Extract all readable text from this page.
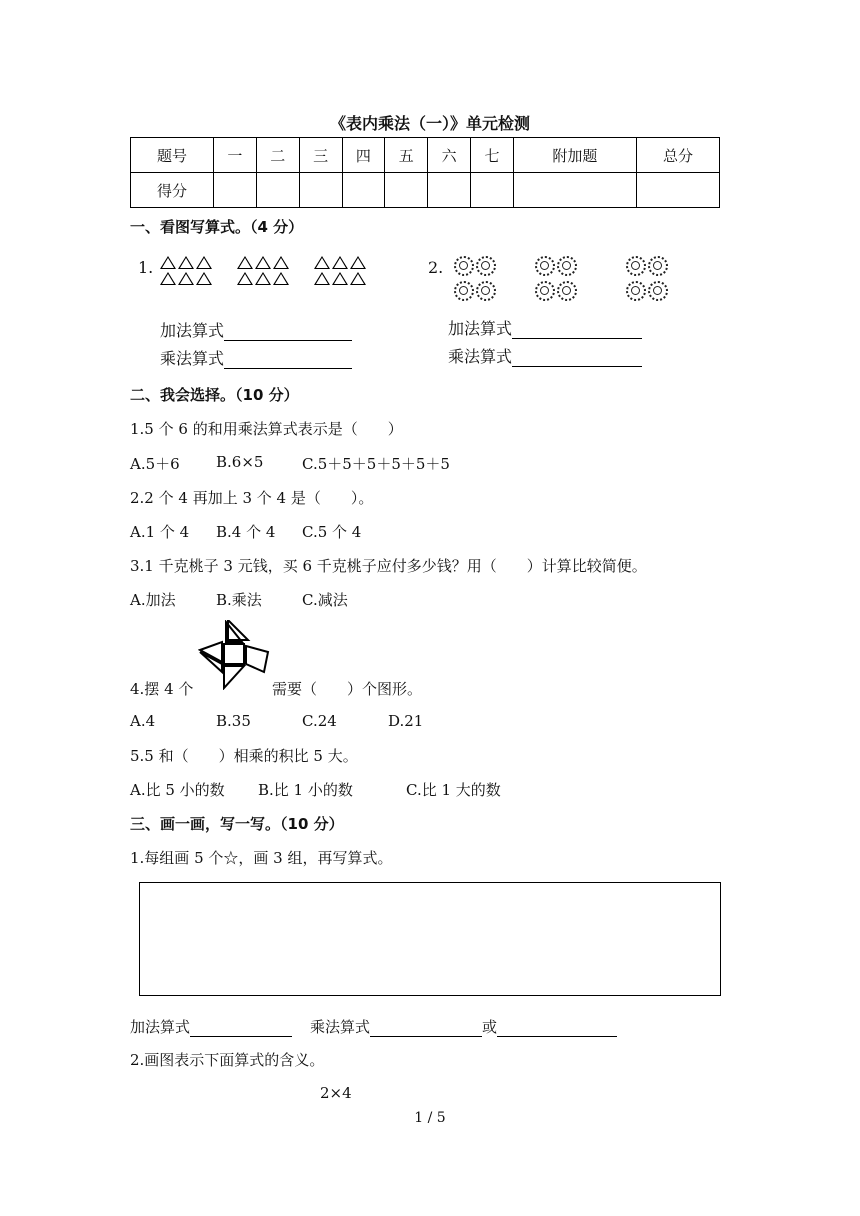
《表内乘法（一）》单元检测
题号	一	二	三	四	五	六	七	附加题	总分
得分									
一、看图写算式。（4 分）
1.

	2.

加法算式
乘法算式
加法算式
乘法算式
二、我会选择。（10 分）
1.5 个 6 的和用乘法算式表示是（　　）
A.5＋6 B.6×5	C.5＋5＋5＋5＋5＋5
2.2 个 4 再加上 3 个 4 是（　　）。
A.1 个 4 B.4 个 4 C.5 个 4
3.1 千克桃子 3 元钱，买 6 千克桃子应付多少钱？用（　　）计算比较简便。
A.加法	B.乘法	C.减法
4.摆 4 个	需要（　　）个图形。
A.4	B.35	C.24	D.21
5.5 和（　　）相乘的积比 5 大。
A.比 5 小的数 B.比 1 小的数	C.比 1 大的数
三、画一画，写一写。（10 分）
1.每组画 5 个☆，画 3 组，再写算式。
加法算式	乘法算式	或
2.画图表示下面算式的含义。
2×4
1 / 5
